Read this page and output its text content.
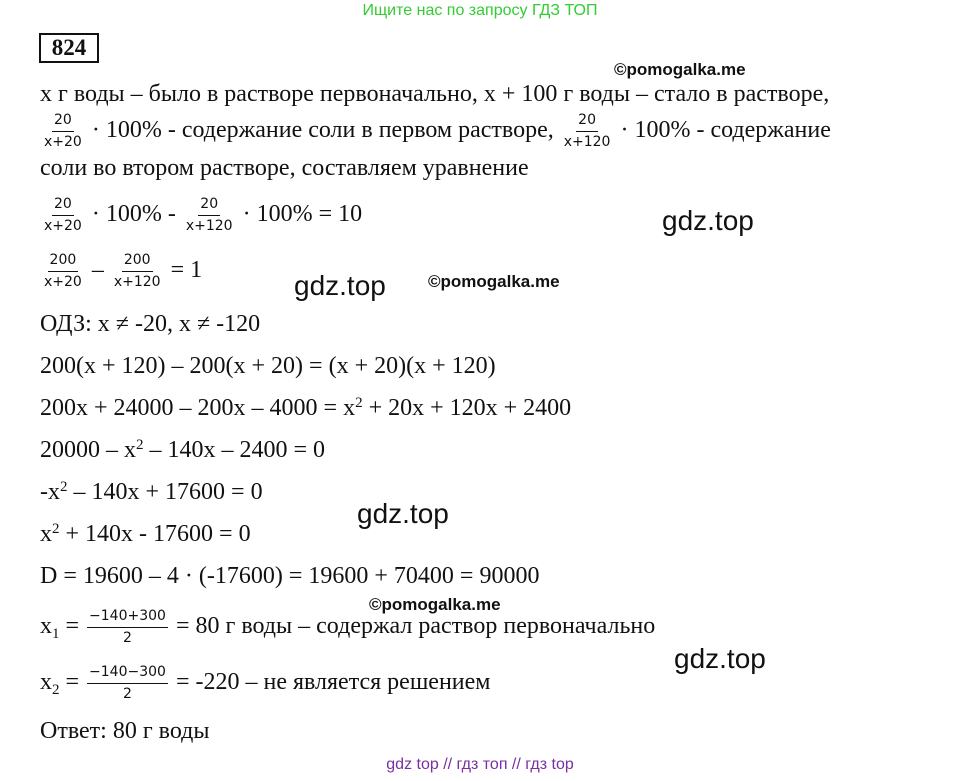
Ищите нас по запросу ГДЗ ТОП
824
x г воды – было в растворе первоначально, x + 100 г воды – стало в растворе,
$\frac{20}{x+20} \cdot 100\%$ - содержание соли в первом растворе, $\frac{20}{x+120} \cdot 100\%$ - содержание
соли во втором растворе, составляем уравнение
$\frac{20}{x+20} \cdot 100\% - \frac{20}{x+120} \cdot 100\% = 10$
$\frac{200}{x+20} - \frac{200}{x+120} = 1$
ОДЗ: x ≠ -20, x ≠ -120
200(x + 120) – 200(x + 20) = (x + 20)(x + 120)
$200x + 24000 - 200x - 4000 = x^2 + 20x + 120x + 2400$
$20000 - x^2 - 140x - 2400 = 0$
$-x^2 - 140x + 17600 = 0$
$x^2 + 140x - 17600 = 0$
D = 19600 – 4 · (-17600) = 19600 + 70400 = 90000
$x_1 = \frac{-140+300}{2} = 80$ г воды – содержал раствор первоначально
$x_2 = \frac{-140-300}{2} = -220$ – не является решением
Ответ: 80 г воды
©pomogalka.me
gdz.top
gdz.top ©pomogalka.me
gdz.top
©pomogalka.me
gdz.top
gdz top // гдз топ // гдз top
